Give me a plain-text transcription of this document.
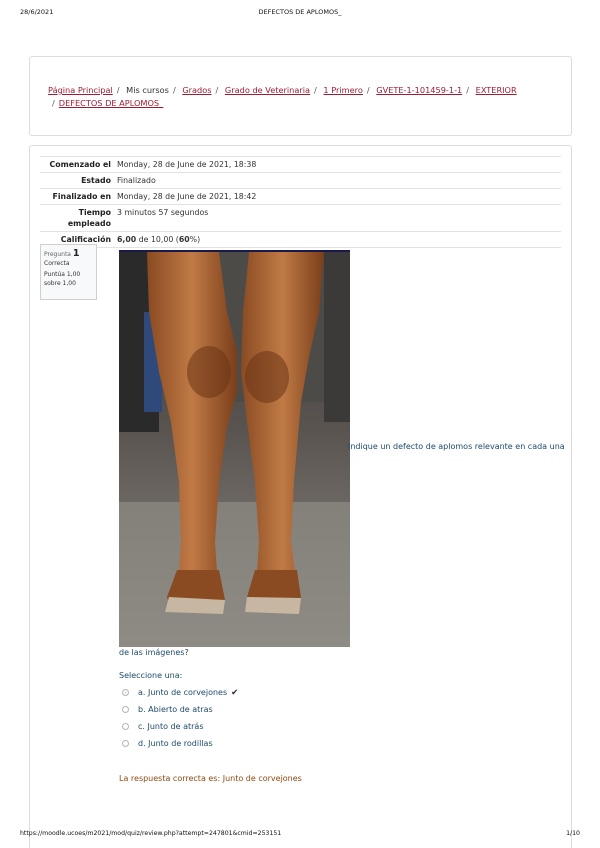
28/6/2021	DEFECTOS DE APLOMOS_
Página Principal / Mis cursos / Grados / Grado de Veterinaria / 1 Primero / GVETE-1-101459-1-1 / EXTERIOR
/ DEFECTOS DE APLOMOS_
Comenzado el	Monday, 28 de June de 2021, 18:38
Estado	Finalizado
Finalizado en	Monday, 28 de June de 2021, 18:42
Tiempo
empleado	3 minutos 57 segundos
Calificación	6,00 de 10,00 (60%)
Pregunta 1
Correcta
Puntúa 1,00
sobre 1,00
Indique un defecto de aplomos relevante en cada una
de las imágenes?
Seleccione una:
a. Junto de corvejones ✔
b. Abierto de atras
c. Junto de atrás
d. Junto de rodillas
La respuesta correcta es: Junto de corvejones
https://moodle.ucoes/m2021/mod/quiz/review.php?attempt=247801&cmid=253151	1/10
